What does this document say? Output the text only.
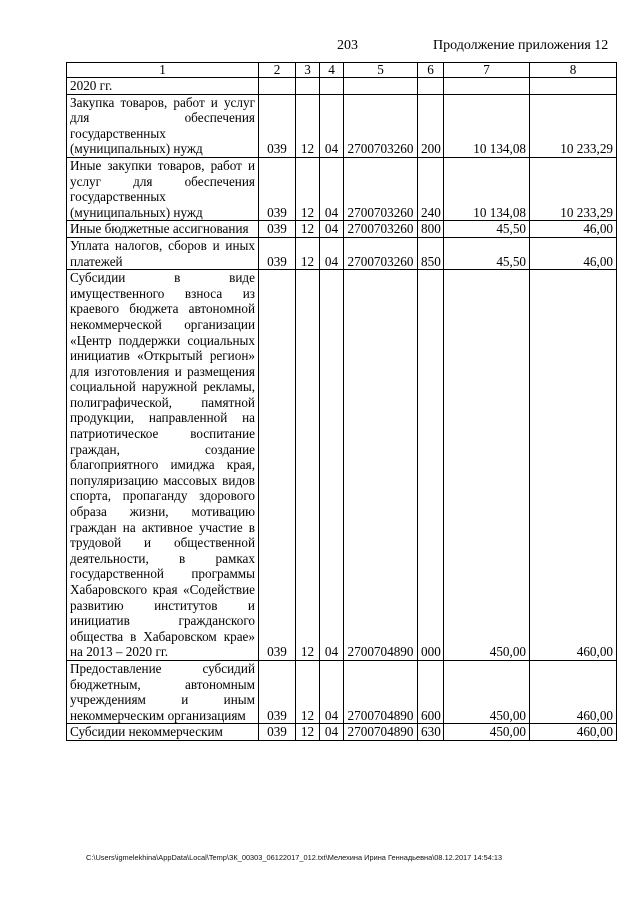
203	Продолжение приложения 12
1	2	3	4	5	6	7	8
2020 гг.							
Закупка товаров, работ и услуг для обеспечения государственных (муниципальных) нужд	039	12	04	2700703260	200	10 134,08	10 233,29
Иные закупки товаров, работ и услуг для обеспечения государственных (муниципальных) нужд	039	12	04	2700703260	240	10 134,08	10 233,29
Иные бюджетные ассигнования	039	12	04	2700703260	800	45,50	46,00
Уплата налогов, сборов и иных платежей	039	12	04	2700703260	850	45,50	46,00
Субсидии в виде имущественного взноса из краевого бюджета автономной некоммерческой организации «Центр поддержки социальных инициатив «Открытый регион» для изготовления и размещения социальной наружной рекламы, полиграфической, памятной продукции, направленной на патриотическое воспитание граждан, создание благоприятного имиджа края, популяризацию массовых видов спорта, пропаганду здорового образа жизни, мотивацию граждан на активное участие в трудовой и общественной деятельности, в рамках государственной программы Хабаровского края «Содействие развитию институтов и инициатив гражданского общества в Хабаровском крае» на 2013 – 2020 гг.	039	12	04	2700704890	000	450,00	460,00
Предоставление субсидий бюджетным, автономным учреждениям и иным некоммерческим организациям	039	12	04	2700704890	600	450,00	460,00
Субсидии некоммерческим	039	12	04	2700704890	630	450,00	460,00
C:\Users\igmelekhina\AppData\Local\Temp\ЗК_00303_06122017_012.txt\Мелехина Ирина Геннадьевна\08.12.2017 14:54:13
